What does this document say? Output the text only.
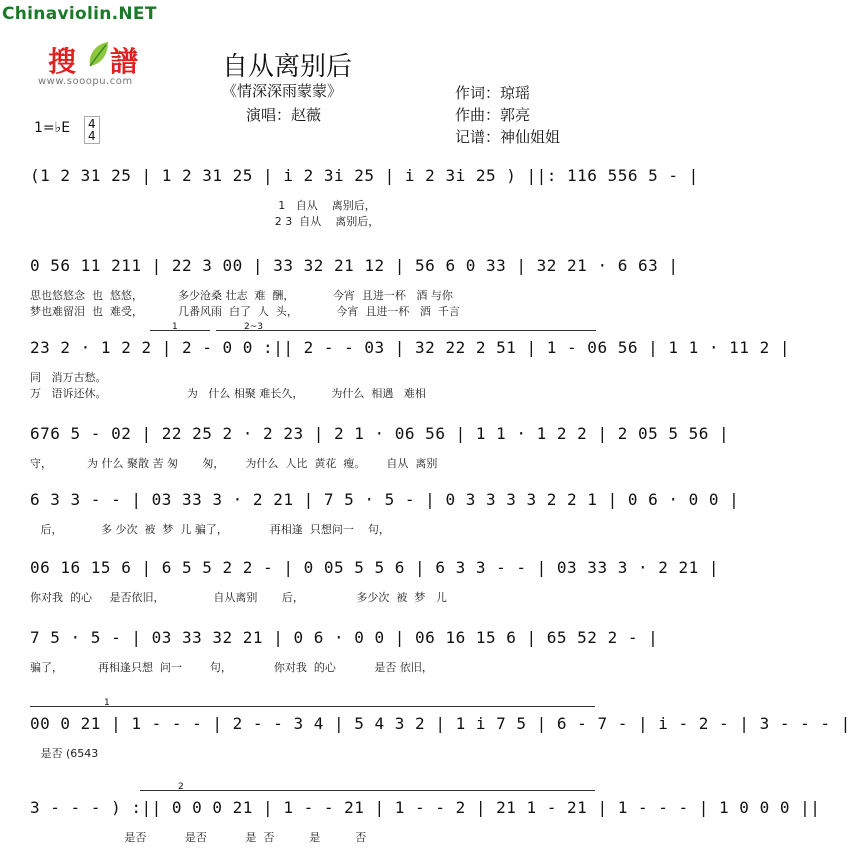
Chinaviolin.NET
搜 譜
www.sooopu.com	自从离别后
《情深深雨蒙蒙》
演唱：赵薇
作词：琼瑶
作曲：郭亮
记谱：神仙姐姐
1=♭E 4
4
(1 2 31 25 | 1 2 31 25 | i 2 3i 25 | i 2 3i 25 ) ||: 116 556 5 - |
1   自从    离别后，
2 3  自从    离别后，
0 56 11 211 | 22 3 00 | 33 32 21 12 | 56 6 0 33 | 32 21 · 6 63 |
思也悠悠念  也  悠悠，          多少沧桑 壮志  难  酬，           今宵  且进一杯   酒 与你
梦也难留泪  也  难受，          几番风雨  白了  人  头，           今宵  且进一杯   酒  千言
1	2~3
23 2 · 1 2 2 | 2 - 0 0 :|| 2 - - 03 | 32 22 2 51 | 1 - 06 56 | 1 1 · 11 2 |
同   消万古愁。
万   语诉还休。                       为   什么 相聚 难长久，        为什么  相遇   难相
676 5 - 02 | 22 25 2 · 2 23 | 2 1 · 06 56 | 1 1 · 1 2 2 | 2 05 5 56 |
守，          为 什么 聚散 苦 匆       匆，      为什么  人比  黄花  瘦。      自从  离别
6 3 3 - - | 03 33 3 · 2 21 | 7 5 · 5 - | 0 3 3 3 3 2 2 1 | 0 6 · 0 0 |
后，           多 少次  被  梦  儿 骗了，            再相逢  只想问一    句，
06 16 15 6 | 6 5 5 2 2 - | 0 05 5 5 6 | 6 3 3 - - | 03 33 3 · 2 21 |
你对我  的心     是否依旧，              自从离别       后，               多少次  被  梦   儿
7 5 · 5 - | 03 33 32 21 | 0 6 · 0 0 | 06 16 15 6 | 65 52 2 - |
骗了，          再相逢只想  问一        句，            你对我  的心           是否 依旧，
1
00 0 21 | 1 - - - | 2 - - 3 4 | 5 4 3 2 | 1 i 7 5 | 6 - 7 - | i - 2 - | 3 - - - |
是否 (6543
2
3 - - - ) :|| 0 0 0 21 | 1 - - 21 | 1 - - 2 | 21 1 - 21 | 1 - - - | 1 0 0 0 ||
是否           是否           是  否          是          否
